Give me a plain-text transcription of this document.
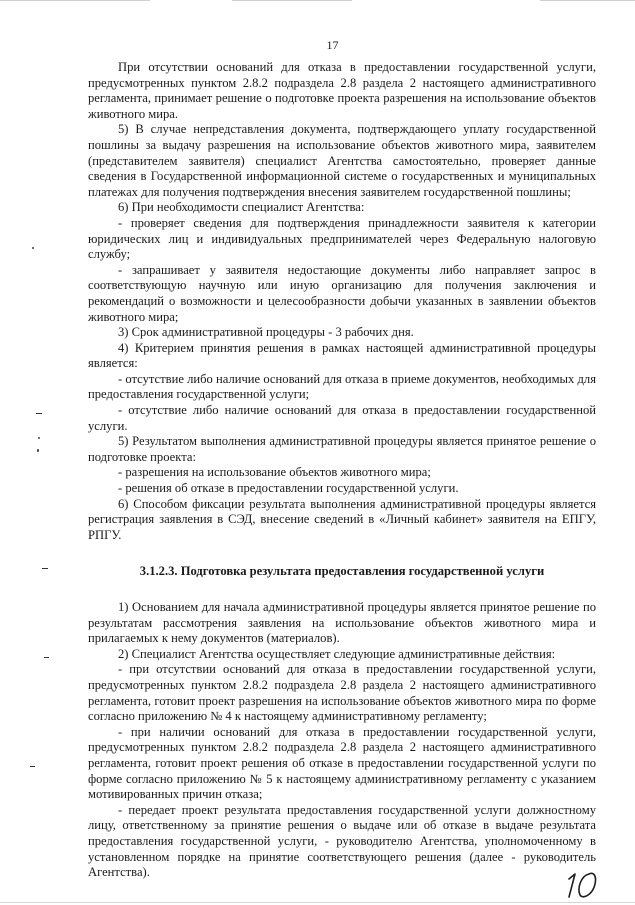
17

При отсутствии оснований для отказа в предоставлении государственной услуги, предусмотренных пунктом 2.8.2 подраздела 2.8 раздела 2 настоящего административного регламента, принимает решение о подготовке проекта разрешения на использование объектов животного мира.

5) В случае непредставления документа, подтверждающего уплату государственной пошлины за выдачу разрешения на использование объектов животного мира, заявителем (представителем заявителя) специалист Агентства самостоятельно, проверяет данные сведения в Государственной информационной системе о государственных и муниципальных платежах для получения подтверждения внесения заявителем государственной пошлины;

6) При необходимости специалист Агентства:

- проверяет сведения для подтверждения принадлежности заявителя к категории юридических лиц и индивидуальных предпринимателей через Федеральную налоговую службу;

- запрашивает у заявителя недостающие документы либо направляет запрос в соответствующую научную или иную организацию для получения заключения и рекомендаций о возможности и целесообразности добычи указанных в заявлении объектов животного мира;

3) Срок административной процедуры - 3 рабочих дня.

4) Критерием принятия решения в рамках настоящей административной процедуры является:

- отсутствие либо наличие оснований для отказа в приеме документов, необходимых для предоставления государственной услуги;

- отсутствие либо наличие оснований для отказа в предоставлении государственной услуги.

5) Результатом выполнения административной процедуры является принятое решение о подготовке проекта:

- разрешения на использование объектов животного мира;

- решения об отказе в предоставлении государственной услуги.

6) Способом фиксации результата выполнения административной процедуры является регистрация заявления в СЭД, внесение сведений в «Личный кабинет» заявителя на ЕПГУ, РПГУ.

3.1.2.3. Подготовка результата предоставления государственной услуги

1) Основанием для начала административной процедуры является принятое решение по результатам рассмотрения заявления на использование объектов животного мира и прилагаемых к нему документов (материалов).

2) Специалист Агентства осуществляет следующие административные действия:

- при отсутствии оснований для отказа в предоставлении государственной услуги, предусмотренных пунктом 2.8.2 подраздела 2.8 раздела 2 настоящего административного регламента, готовит проект разрешения на использование объектов животного мира по форме согласно приложению № 4 к настоящему административному регламенту;

- при наличии оснований для отказа в предоставлении государственной услуги, предусмотренных пунктом 2.8.2 подраздела 2.8 раздела 2 настоящего административного регламента, готовит проект решения об отказе в предоставлении государственной услуги по форме согласно приложению № 5 к настоящему административному регламенту с указанием мотивированных причин отказа;

- передает проект результата предоставления государственной услуги должностному лицу, ответственному за принятие решения о выдаче или об отказе в выдаче результата предоставления государственной услуги, - руководителю Агентства, уполномоченному в установленном порядке на принятие соответствующего решения (далее - руководитель Агентства).
